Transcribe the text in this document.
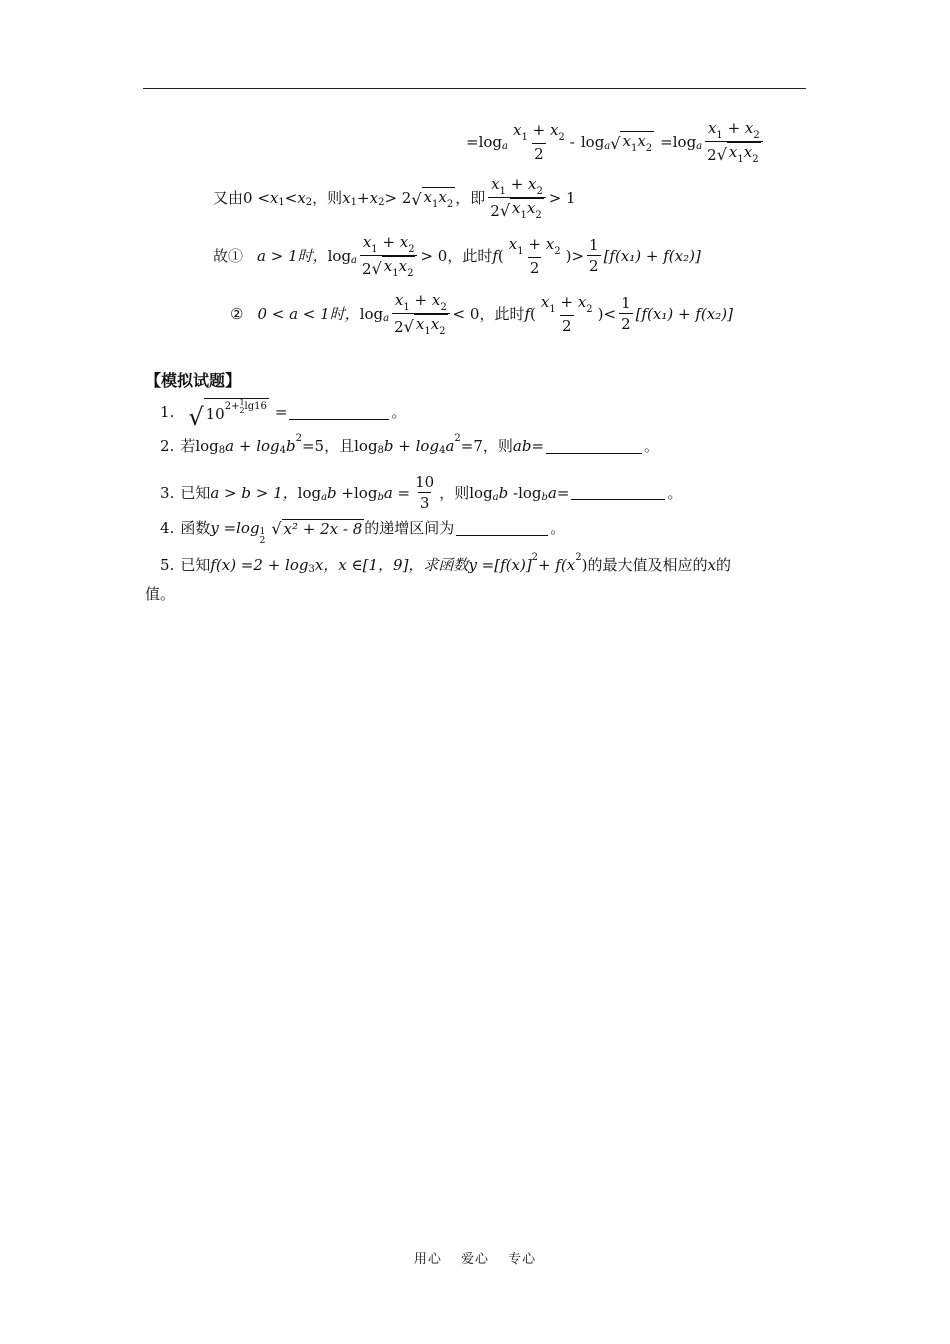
= log a $\frac{x_1 + x_2}{2}$ - log a √ $x_1x_2 = \log a \frac{x_1 + x_2}{2 √ x_1x_2}$
又由 0 < x 1 < x 2 ，则 x 1 + x 2 > 2 √ $x_1x_2$ ， 即 $\frac{x_1 + x_2}{2 √ x_1x_2} > 1$
故① a > 1时， log a $\frac{x_1 + x_2}{2 √ x_1x_2} > 0$ ，此时 f ( $\frac{x_1 + x_2}{2}$ ) > $\frac{1}{2} [f(x_1) + f(x_2)]$
② 0 < a < 1时， log a $\frac{x_1 + x_2}{2 √ x_1x_2} < 0$ ，此时 f ( $\frac{x_1 + x_2}{2}$ ) < $\frac{1}{2} [f(x_1) + f(x_2)]$
【模拟试题】
1. √ $10^{2+ 1 2 lg16}$ =	。
2. 若 log 8 a + log 4 b 2 =5，且 log 8 b + log 4 a 2 =7，则 ab =	。
3. 已知 a > b > 1， log a b + log b $a = \frac{10}{3}$ ，则 log a b - log b a =	。
4. 函数 y =log 1
2
√ x² + 2x - 8 的递增区间为	。
5. 已知 f(x) =2 + log 3 x，x ∈[1，9]，求函数 y =[f(x)] 2 + f(x 2 )的最大值及相应的 x 的
值。
用心 爱心 专心
